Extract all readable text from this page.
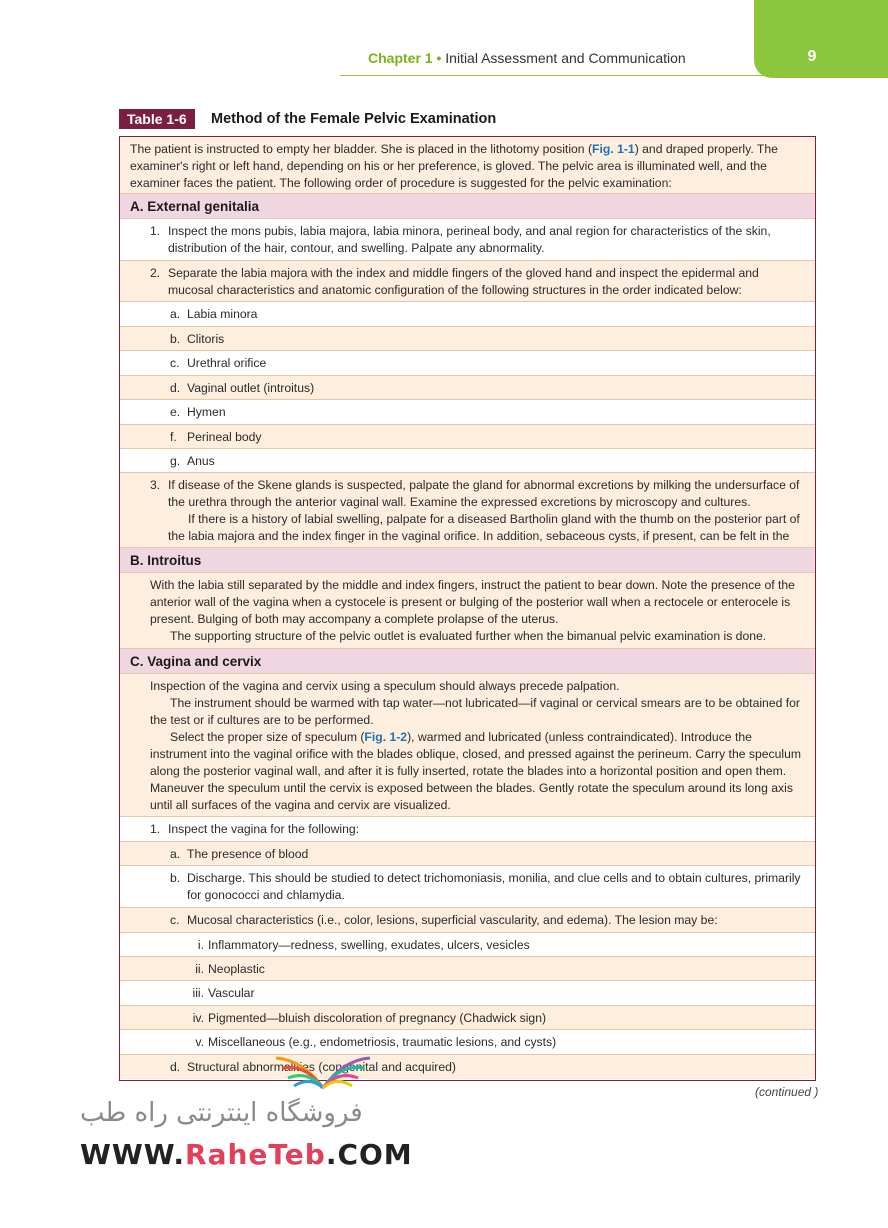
Chapter 1 • Initial Assessment and Communication	9
Table 1-6 Method of the Female Pelvic Examination
The patient is instructed to empty her bladder. She is placed in the lithotomy position (Fig. 1-1) and draped properly. The examiner's right or left hand, depending on his or her preference, is gloved. The pelvic area is illuminated well, and the examiner faces the patient. The following order of procedure is suggested for the pelvic examination:
A. External genitalia
1. Inspect the mons pubis, labia majora, labia minora, perineal body, and anal region for characteristics of the skin, distribution of the hair, contour, and swelling. Palpate any abnormality.
2. Separate the labia majora with the index and middle fingers of the gloved hand and inspect the epidermal and mucosal characteristics and anatomic configuration of the following structures in the order indicated below:
a. Labia minora
b. Clitoris
c. Urethral orifice
d. Vaginal outlet (introitus)
e. Hymen
f. Perineal body
g. Anus
3. If disease of the Skene glands is suspected, palpate the gland for abnormal excretions by milking the undersurface of the urethra through the anterior vaginal wall. Examine the expressed excretions by microscopy and cultures.
If there is a history of labial swelling, palpate for a diseased Bartholin gland with the thumb on the posterior part of the labia majora and the index finger in the vaginal orifice. In addition, sebaceous cysts, if present, can be felt in the
B. Introitus
With the labia still separated by the middle and index fingers, instruct the patient to bear down. Note the presence of the anterior wall of the vagina when a cystocele is present or bulging of the posterior wall when a rectocele or enterocele is present. Bulging of both may accompany a complete prolapse of the uterus.
The supporting structure of the pelvic outlet is evaluated further when the bimanual pelvic examination is done.
C. Vagina and cervix
Inspection of the vagina and cervix using a speculum should always precede palpation.
The instrument should be warmed with tap water—not lubricated—if vaginal or cervical smears are to be obtained for the test or if cultures are to be performed.
Select the proper size of speculum (Fig. 1-2), warmed and lubricated (unless contraindicated). Introduce the instrument into the vaginal orifice with the blades oblique, closed, and pressed against the perineum. Carry the speculum along the posterior vaginal wall, and after it is fully inserted, rotate the blades into a horizontal position and open them. Maneuver the speculum until the cervix is exposed between the blades. Gently rotate the speculum around its long axis until all surfaces of the vagina and cervix are visualized.
1. Inspect the vagina for the following:
a. The presence of blood
b. Discharge. This should be studied to detect trichomoniasis, monilia, and clue cells and to obtain cultures, primarily for gonococci and chlamydia.
c. Mucosal characteristics (i.e., color, lesions, superficial vascularity, and edema). The lesion may be:
i. Inflammatory—redness, swelling, exudates, ulcers, vesicles
ii. Neoplastic
iii. Vascular
iv. Pigmented—bluish discoloration of pregnancy (Chadwick sign)
v. Miscellaneous (e.g., endometriosis, traumatic lesions, and cysts)
d. Structural abnormalities (congenital and acquired)
(continued )
فروشگاه اینترنتی راه طب
WWW.RaheTeb.COM
